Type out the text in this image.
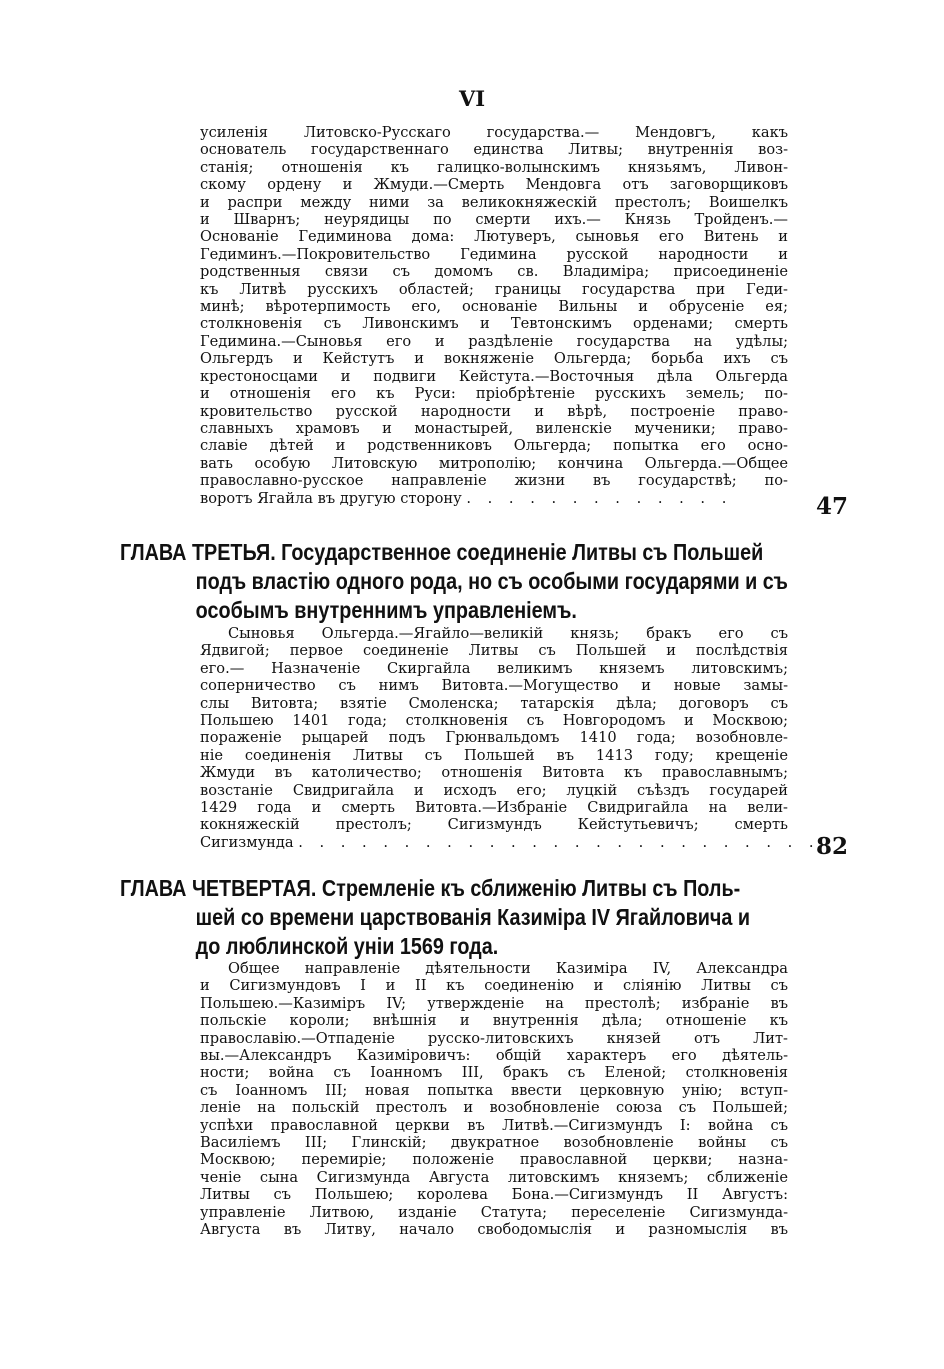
VI

усиленія Литовско-Русскаго государства.— Мендовгъ, какъ
основатель государственнаго единства Литвы; внутреннія воз-
станія; отношенія къ галицко-волынскимъ князьямъ, Ливон-
скому ордену и Жмуди.—Смерть Мендовга отъ заговорщиковъ
и распри между ними за великокняжескій престолъ; Воишелкъ
и Шварнъ; неурядицы по смерти ихъ.— Князь Тройденъ.—
Основаніе Гедиминова дома: Лютуверъ, сыновья его Витень и
Гедиминъ.—Покровительство Гедимина русской народности и
родственныя связи съ домомъ св. Владиміра; присоединеніе
къ Литвѣ русскихъ областей; границы государства при Геди-
минѣ; вѣротерпимость его, основаніе Вильны и обрусеніе ея;
столкновенія съ Ливонскимъ и Тевтонскимъ орденами; смерть
Гедимина.—Сыновья его и раздѣленіе государства на удѣлы;
Ольгердъ и Кейстутъ и вокняженіе Ольгерда; борьба ихъ съ
крестоносцами и подвиги Кейстута.—Восточныя дѣла Ольгерда
и отношенія его къ Руси: пріобрѣтеніе русскихъ земель; по-
кровительство русской народности и вѣрѣ, построеніе право-
славныхъ храмовъ и монастырей, виленскіе мученики; право-
славіе дѣтей и родственниковъ Ольгерда; попытка его осно-
вать особую Литовскую митрополію; кончина Ольгерда.—Общее
православно-русское направленіе жизни въ государствѣ; по-

воротъ Ягайла въ другую сторону . . . . . . . . . . . . .	47
ГЛАВА ТРЕТЬЯ. Государственное соединеніе Литвы съ Польшей
подъ властію одного рода, но съ особыми государями и съ
особымъ внутреннимъ управленіемъ.

Сыновья Ольгерда.—Ягайло—великій князь; бракъ его съ
Ядвигой; первое соединеніе Литвы съ Польшей и послѣдствія
его.— Назначеніе Скиргайла великимъ княземъ литовскимъ;
соперничество съ нимъ Витовта.—Могущество и новые замы-
слы Витовта; взятіе Смоленска; татарскія дѣла; договоръ съ
Польшею 1401 года; столкновенія съ Новгородомъ и Москвою;
пораженіе рыцарей подъ Грюнвальдомъ 1410 года; возобновле-
ніе соединенія Литвы съ Польшей въ 1413 году; крещеніе
Жмуди въ католичество; отношенія Витовта къ православнымъ;
возстаніе Свидригайла и исходъ его; луцкій съѣздъ государей
1429 года и смерть Витовта.—Избраніе Свидригайла на вели-
кокняжескій престолъ; Сигизмундъ Кейстутьевичъ; смерть

Сигизмунда . . . . . . . . . . . . . . . . . . . . . . . . .

82
ГЛАВА ЧЕТВЕРТАЯ. Стремленіе къ сближенію Литвы съ Поль-
шей со времени царствованія Казиміра IV Ягайловича и
до люблинской уніи 1569 года.

Общее направленіе дѣятельности Казиміра IV, Александра
и Сигизмундовъ I и II къ соединенію и сліянію Литвы съ
Польшею.—Казиміръ IV; утвержденіе на престолѣ; избраніе въ
польскіе короли; внѣшнія и внутреннія дѣла; отношеніе къ
православію.—Отпаденіе русско-литовскихъ князей отъ Лит-
вы.—Александръ Казиміровичъ: общій характеръ его дѣятель-
ности; война съ Іоанномъ III, бракъ съ Еленой; столкновенія
съ Іоанномъ III; новая попытка ввести церковную унію; вступ-
леніе на польскій престолъ и возобновленіе союза съ Польшей;
успѣхи православной церкви въ Литвѣ.—Сигизмундъ I: война съ
Василіемъ III; Глинскій; двукратное возобновленіе войны съ
Москвою; перемиріе; положеніе православной церкви; назна-
ченіе сына Сигизмунда Августа литовскимъ княземъ; сближеніе
Литвы съ Польшею; королева Бона.—Сигизмундъ II Августъ:
управленіе Литвою, изданіе Статута; переселеніе Сигизмунда-
Августа въ Литву, начало свободомыслія и разномыслія въ
